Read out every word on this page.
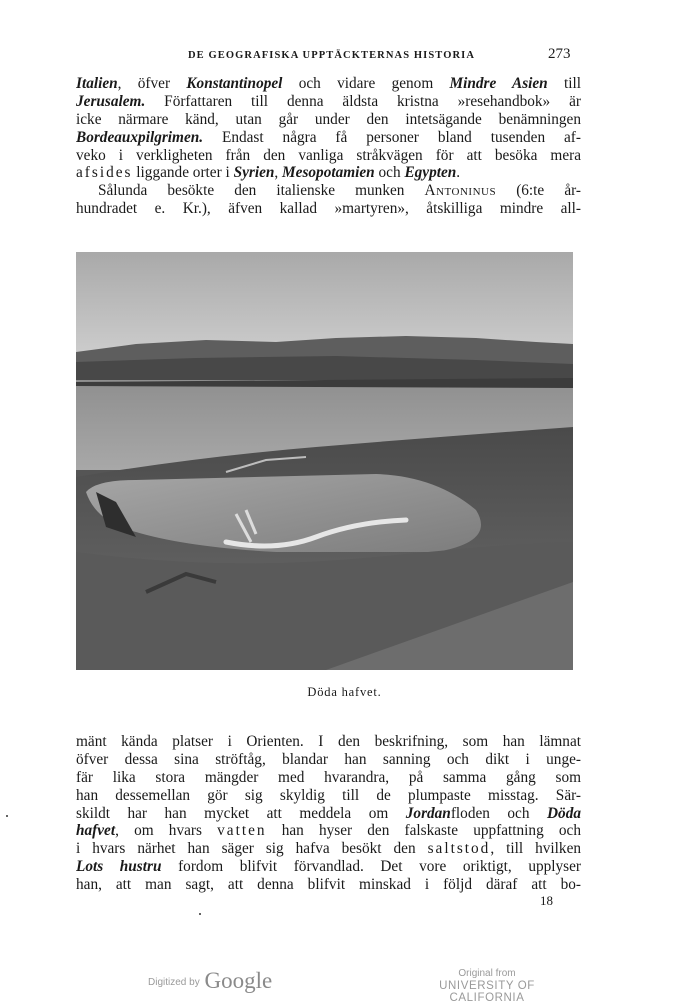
DE GEOGRAFISKA UPPTÄCKTERNAS HISTORIA	273
Italien, öfver Konstantinopel och vidare genom Mindre Asien till
Jerusalem. Författaren till denna äldsta kristna »resehandbok» är
icke närmare känd, utan går under den intetsägande benämningen
Bordeauxpilgrimen. Endast några få personer bland tusenden af-
veko i verkligheten från den vanliga stråkvägen för att besöka mera
afsides liggande orter i Syrien, Mesopotamien och Egypten.
Sålunda besökte den italienske munken Antoninus (6:te år-
hundradet e. Kr.), äfven kallad »martyren», åtskilliga mindre all-
Döda hafvet.
mänt kända platser i Orienten. I den beskrifning, som han lämnat
öfver dessa sina ströftåg, blandar han sanning och dikt i unge-
fär lika stora mängder med hvarandra, på samma gång som
han dessemellan gör sig skyldig till de plumpaste misstag. Sär-
skildt har han mycket att meddela om Jordanfloden och Döda
hafvet, om hvars vatten han hyser den falskaste uppfattning och
i hvars närhet han säger sig hafva besökt den saltstod, till hvilken
Lots hustru fordom blifvit förvandlad. Det vore oriktigt, upplyser
han, att man sagt, att denna blifvit minskad i följd däraf att bo-
18
Digitized by Google	Original from
UNIVERSITY OF CALIFORNIA
